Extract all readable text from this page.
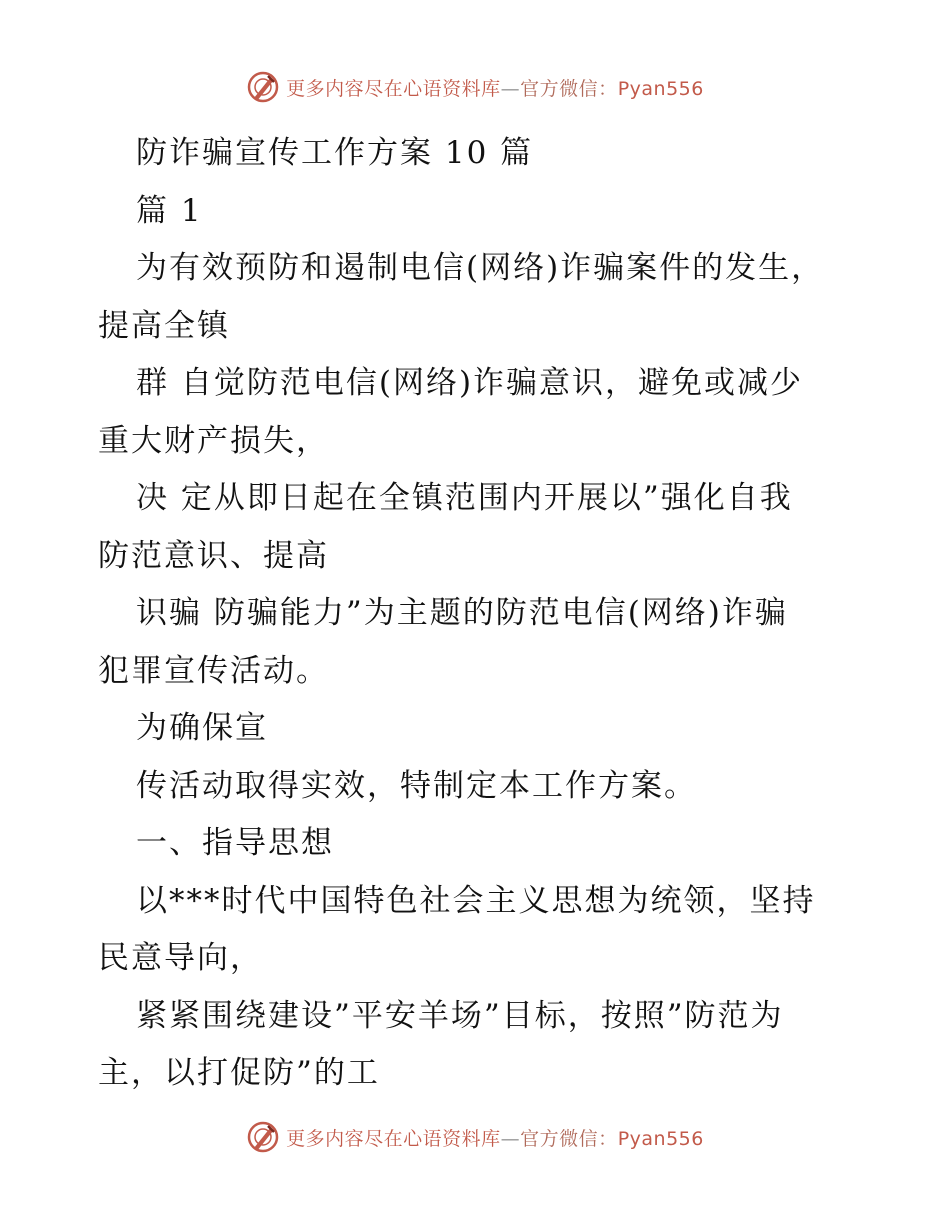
更多内容尽在心语资料库—官方微信：Pyan556
防诈骗宣传工作方案 10 篇
篇 1
为有效预防和遏制电信(网络)诈骗案件的发生，
提高全镇
群 自觉防范电信(网络)诈骗意识，避免或减少
重大财产损失，
决 定从即日起在全镇范围内开展以”强化自我
防范意识、提高
识骗 防骗能力”为主题的防范电信(网络)诈骗
犯罪宣传活动。
为确保宣
传活动取得实效，特制定本工作方案。
一、指导思想
以***时代中国特色社会主义思想为统领，坚持
民意导向，
紧紧围绕建设”平安羊场”目标，按照”防范为
主，以打促防”的工
更多内容尽在心语资料库—官方微信：Pyan556
